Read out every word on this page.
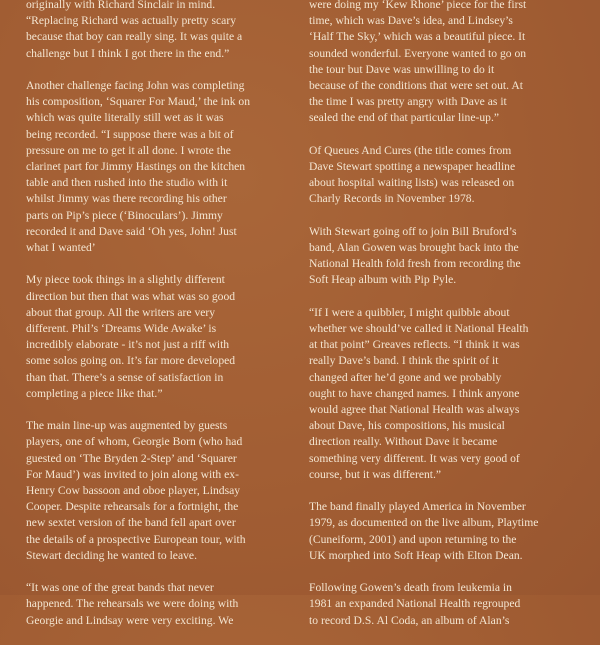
originally with Richard Sinclair in mind.
“Replacing Richard was actually pretty scary
because that boy can really sing. It was quite a
challenge but I think I got there in the end.”

Another challenge facing John was completing
his composition, ‘Squarer For Maud,’ the ink on
which was quite literally still wet as it was
being recorded. “I suppose there was a bit of
pressure on me to get it all done. I wrote the
clarinet part for Jimmy Hastings on the kitchen
table and then rushed into the studio with it
whilst Jimmy was there recording his other
parts on Pip’s piece (‘Binoculars’). Jimmy
recorded it and Dave said ‘Oh yes, John! Just
what I wanted’

My piece took things in a slightly different
direction but then that was what was so good
about that group. All the writers are very
different. Phil’s ‘Dreams Wide Awake’ is
incredibly elaborate - it’s not just a riff with
some solos going on. It’s far more developed
than that. There’s a sense of satisfaction in
completing a piece like that.”

The main line-up was augmented by guests
players, one of whom, Georgie Born (who had
guested on ‘The Bryden 2-Step’ and ‘Squarer
For Maud’) was invited to join along with ex-
Henry Cow bassoon and oboe player, Lindsay
Cooper. Despite rehearsals for a fortnight, the
new sextet version of the band fell apart over
the details of a prospective European tour, with
Stewart deciding he wanted to leave.

“It was one of the great bands that never
happened. The rehearsals we were doing with
Georgie and Lindsay were very exciting. We

were doing my ‘Kew Rhone’ piece for the first
time, which was Dave’s idea, and Lindsey’s
‘Half The Sky,’ which was a beautiful piece. It
sounded wonderful. Everyone wanted to go on
the tour but Dave was unwilling to do it
because of the conditions that were set out. At
the time I was pretty angry with Dave as it
sealed the end of that particular line-up.”

Of Queues And Cures (the title comes from
Dave Stewart spotting a newspaper headline
about hospital waiting lists) was released on
Charly Records in November 1978.

With Stewart going off to join Bill Bruford’s
band, Alan Gowen was brought back into the
National Health fold fresh from recording the
Soft Heap album with Pip Pyle.

“If I were a quibbler, I might quibble about
whether we should’ve called it National Health
at that point” Greaves reflects. “I think it was
really Dave’s band. I think the spirit of it
changed after he’d gone and we probably
ought to have changed names. I think anyone
would agree that National Health was always
about Dave, his compositions, his musical
direction really. Without Dave it became
something very different. It was very good of
course, but it was different.”

The band finally played America in November
1979, as documented on the live album, Playtime
(Cuneiform, 2001) and upon returning to the
UK morphed into Soft Heap with Elton Dean.

Following Gowen’s death from leukemia in
1981 an expanded National Health regrouped
to record D.S. Al Coda, an album of Alan’s
